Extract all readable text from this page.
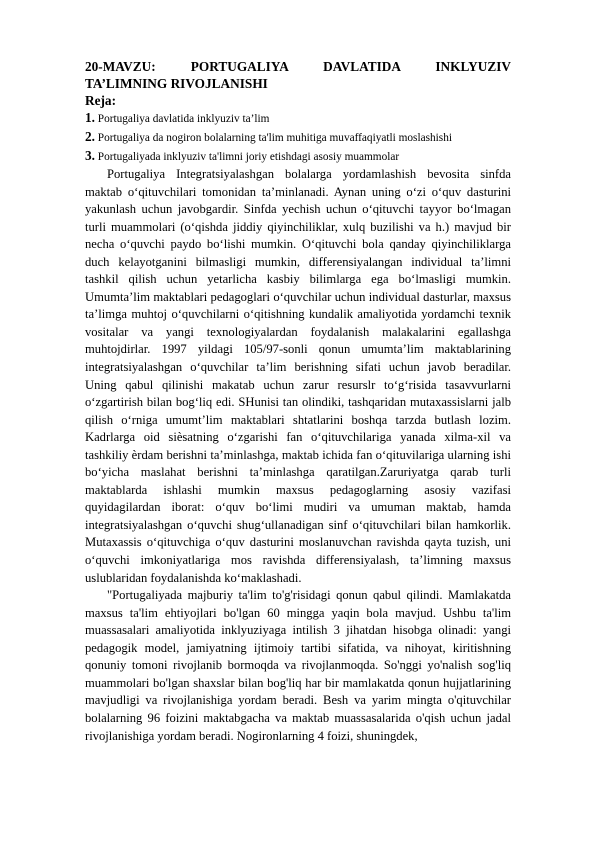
20-MAVZU: PORTUGALIYA DAVLATIDA INKLYUZIV

TA’LIMNING RIVOJLANISHI

Reja:

1. Portugaliya davlatida inklyuziv ta’lim

2. Portugaliya da nogiron bolalarning ta'lim muhitiga muvaffaqiyatli moslashishi

3. Portugaliyada inklyuziv ta'limni joriy etishdagi asosiy muammolar

Portugaliya Integratsiyalashgan bolalarga yordamlashish bevosita sinfda maktab o‘qituvchilari tomonidan ta’minlanadi. Aynan uning o‘zi o‘quv dasturini yakunlash uchun javobgardir. Sinfda yechish uchun o‘qituvchi tayyor bo‘lmagan turli muammolari (o‘qishda jiddiy qiyinchiliklar, xulq buzilishi va h.) mavjud bir necha o‘quvchi paydo bo‘lishi mumkin. O‘qituvchi bola qanday qiyinchiliklarga duch kelayotganini bilmasligi mumkin, differensiyalangan individual ta’limni tashkil qilish uchun yetarlicha kasbiy bilimlarga ega bo‘lmasligi mumkin. Umumta’lim maktablari pedagoglari o‘quvchilar uchun individual dasturlar, maxsus ta’limga muhtoj o‘quvchilarni o‘qitishning kundalik amaliyotida yordamchi texnik vositalar va yangi texnologiyalardan foydalanish malakalarini egallashga muhtojdirlar. 1997 yildagi 105/97-sonli qonun umumta’lim maktablarining integratsiyalashgan o‘quvchilar ta’lim berishning sifati uchun javob beradilar. Uning qabul qilinishi makatab uchun zarur resurslr to‘g‘risida tasavvurlarni o‘zgartirish bilan bog‘liq edi. SHunisi tan olindiki, tashqaridan mutaxassislarni jalb qilish o‘rniga umumt’lim maktablari shtatlarini boshqa tarzda butlash lozim. Kadrlarga oid siѐsatning o‘zgarishi fan o‘qituvchilariga yanada xilma-xil va tashkiliy ѐrdam berishni ta’minlashga, maktab ichida fan o‘qituvilariga ularning ishi bo‘yicha maslahat berishni ta’minlashga qaratilgan.Zaruriyatga qarab turli maktablarda ishlashi mumkin maxsus pedagoglarning asosiy vazifasi quyidagilardan iborat: o‘quv bo‘limi mudiri va umuman maktab, hamda integratsiyalashgan o‘quvchi shug‘ullanadigan sinf o‘qituvchilari bilan hamkorlik. Mutaxassis o‘qituvchiga o‘quv dasturini moslanuvchan ravishda qayta tuzish, uni o‘quvchi imkoniyatlariga mos ravishda differensiyalash, ta’limning maxsus uslublaridan foydalanishda ko‘maklashadi.

"Portugaliyada majburiy ta'lim to'g'risidagi qonun qabul qilindi. Mamlakatda maxsus ta'lim ehtiyojlari bo'lgan 60 mingga yaqin bola mavjud. Ushbu ta'lim muassasalari amaliyotida inklyuziyaga intilish 3 jihatdan hisobga olinadi: yangi pedagogik model, jamiyatning ijtimoiy tartibi sifatida, va nihoyat, kiritishning qonuniy tomoni rivojlanib bormoqda va rivojlanmoqda. So'nggi yo'nalish sog'liq muammolari bo'lgan shaxslar bilan bog'liq har bir mamlakatda qonun hujjatlarining mavjudligi va rivojlanishiga yordam beradi. Besh va yarim mingta o'qituvchilar bolalarning 96 foizini maktabgacha va maktab muassasalarida o'qish uchun jadal rivojlanishiga yordam beradi. Nogironlarning 4 foizi, shuningdek,
